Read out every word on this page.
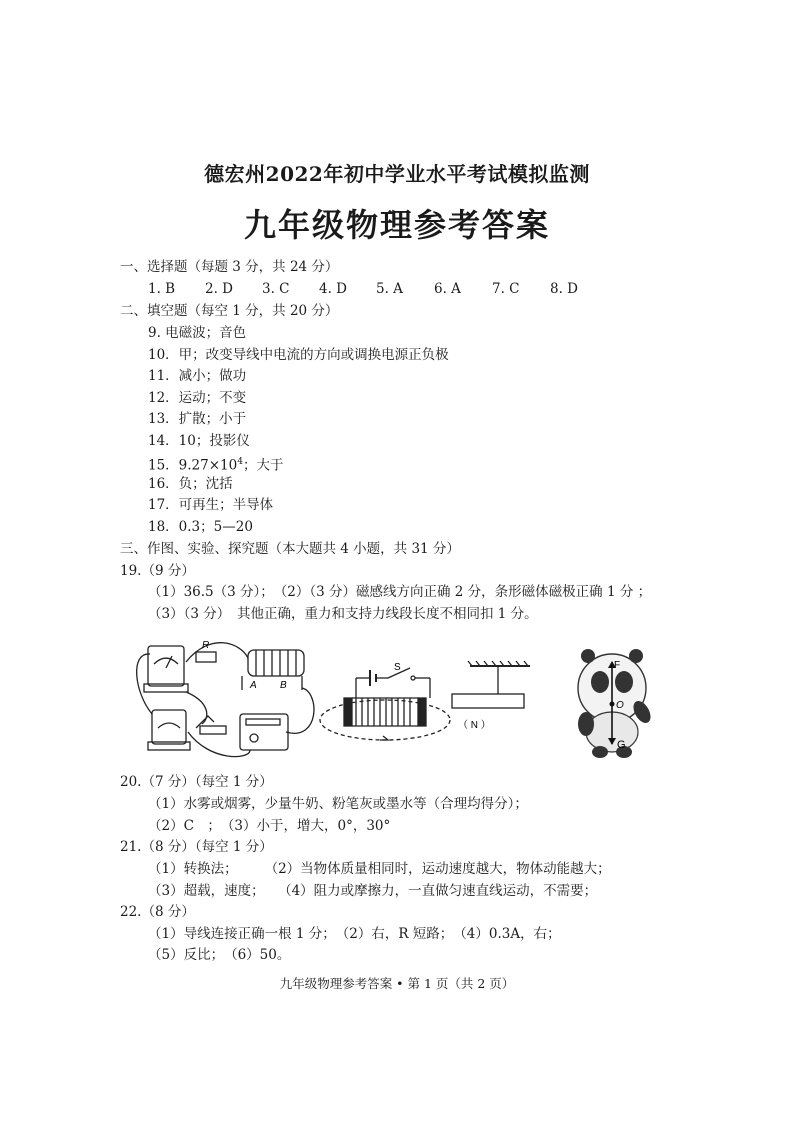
德宏州2022年初中学业水平考试模拟监测
九年级物理参考答案
一、选择题（每题 3 分，共 24 分）
1. B 2. D 3. C 4. D 5. A 6. A 7. C 8. D
二、填空题（每空 1 分，共 20 分）
9. 电磁波；音色
10．甲；改变导线中电流的方向或调换电源正负极
11．减小；做功
12．运动；不变
13．扩散；小于
14．10；投影仪
15．$9.27\times 10^4$；大于
16．负；沈括
17．可再生；半导体
18．0.3；5—20
三、作图、实验、探究题（本大题共 4 小题，共 31 分）
19.（9 分）
（1）36.5（3 分）；　（2）（3 分）磁感线方向正确 2 分，条形磁体磁极正确 1 分 ；
（3）（3 分）　其他正确，重力和支持力线段长度不相同扣 1 分。
R
A B
S
（ N ）
F
O
G
20.（7 分）（每空 1 分）
（1）水雾或烟雾，少量牛奶、粉笔灰或墨水等（合理均得分）；
（2）C　；　（3）小于，增大，0°，30°
21.（8 分）（每空 1 分）
（1）转换法；　　　（2）当物体质量相同时，运动速度越大，物体动能越大；
（3）超载，速度；　　（4）阻力或摩擦力，一直做匀速直线运动，不需要；
22.（8 分）
（1）导线连接正确一根 1 分；　（2）右，R 短路；　（4）0.3A，右；
（5）反比；　（6）50。
九年级物理参考答案 • 第 1 页（共 2 页）
